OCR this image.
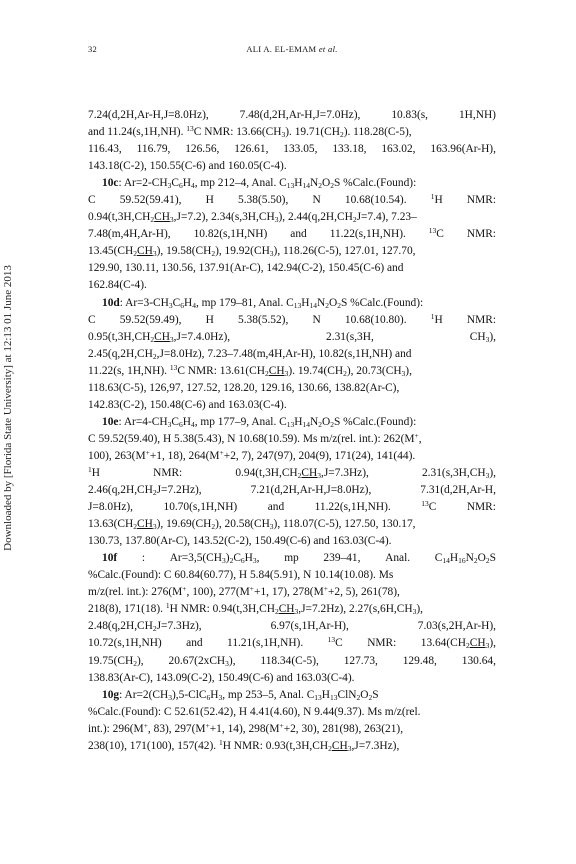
Downloaded by [Florida State University] at 12:13 01 June 2013
32	ALI A. EL-EMAM et al.
7.24(d,2H,Ar-H,J=8.0Hz),	7.48(d,2H,Ar-H,J=7.0Hz),	10.83(s,	1H,NH)
and 11.24(s,1H,NH). $^{13}$C NMR: $13.66(CH_3)$. $19.71(CH_2)$. 118.28(C-5),
116.43, 116.79, 126.56, 126.61, 133.05, 133.18, 163.02, 163.96(Ar-H),
143.18(C-2), 150.55(C-6) and 160.05(C-4).
10c: $Ar=2-CH_3C_6H_4$, mp 212–4, Anal. $C_{13}H_{14}N_2O_2S$ %Calc.(Found):
C 59.52(59.41), H 5.38(5.50), N 10.68(10.54).	$^1$H NMR:
$0.94(t,3H,CH_2CH_3,J=7.2)$, $2.34(s,3H,CH_3)$, $2.44(q,2H,CH_2J=7.4)$, 7.23–
7.48(m,4H,Ar-H), 10.82(s,1H,NH) and 11.22(s,1H,NH).	$^{13}$C NMR:
$13.45(CH_2CH_3)$, $19.58(CH_2)$, $19.92(CH_3)$, 118.26(C-5), 127.01, 127.70,
129.90, 130.11, 130.56, 137.91(Ar-C), 142.94(C-2), 150.45(C-6) and
162.84(C-4).
10d: $Ar=3-CH_3C_6H_4$, mp 179–81, Anal. $C_{13}H_{14}N_2O_2S$ %Calc.(Found):
C 59.52(59.49), H 5.38(5.52), N 10.68(10.80).	$^1$H NMR:
$0.95(t,3H,CH_2CH_3,J=7.4.0Hz)$,	2.31(s,3H,	$CH_3$),
$2.45(q,2H,CH_2,J=8.0Hz)$, 7.23–7.48(m,4H,Ar-H), 10.82(s,1H,NH) and
11.22(s, 1H,NH). $^{13}$C NMR: $13.61(CH_2CH_3)$. $19.74(CH_2)$, $20.73(CH_3)$,
118.63(C-5), 126,97, 127.52, 128.20, 129.16, 130.66, 138.82(Ar-C),
142.83(C-2), 150.48(C-6) and 163.03(C-4).
10e: $Ar=4-CH_3C_6H_4$, mp 177–9, Anal. $C_{13}H_{14}N_2O_2S$ %Calc.(Found):
C 59.52(59.40), H 5.38(5.43), N 10.68(10.59). Ms m/z(rel. int.): 262(M+,
100), 263(M++1, 18), 264(M++2, 7), 247(97), 204(9), 171(24), 141(44).
$^1$H	NMR:	$0.94(t,3H,CH_2CH_3,J=7.3Hz)$,	$2.31(s,3H,CH_3)$,
$2.46(q,2H,CH_2J=7.2Hz)$,	7.21(d,2H,Ar-H,J=8.0Hz),	7.31(d,2H,Ar-H,
J=8.0Hz),	10.70(s,1H,NH)	and	11.22(s,1H,NH).	$^{13}$C	NMR:
$13.63(CH_2CH_3)$, $19.69(CH_2)$, $20.58(CH_3)$, 118.07(C-5), 127.50, 130.17,
130.73, 137.80(Ar-C), 143.52(C-2), 150.49(C-6) and 163.03(C-4).
10f : $Ar=3,5(CH_3)_2C_6H_3$, mp 239–41, Anal. $C_{14}H_{16}N_2O_2S$
%Calc.(Found): C 60.84(60.77), H 5.84(5.91), N 10.14(10.08). Ms
m/z(rel. int.): 276(M+, 100), 277(M++1, 17), 278(M++2, 5), 261(78),
218(8), 171(18). $^1$H NMR: $0.94(t,3H,CH_2CH_3,J=7.2Hz)$, $2.27(s,6H,CH_3)$,
$2.48(q,2H,CH_2J=7.3Hz)$,	6.97(s,1H,Ar-H),	7.03(s,2H,Ar-H),
10.72(s,1H,NH) and 11.21(s,1H,NH).	$^{13}$C NMR: $13.64(CH_2CH_3)$,
$19.75(CH_2)$, 20.67(2xCH$_3$), 118.34(C-5), 127.73, 129.48, 130.64,
138.83(Ar-C), 143.09(C-2), 150.49(C-6) and 163.03(C-4).
10g: $Ar=2(CH_3),5-ClC_6H_3$, mp 253–5, Anal. $C_{13}H_{13}ClN_2O_2S$
%Calc.(Found): C 52.61(52.42), H 4.41(4.60), N 9.44(9.37). Ms m/z(rel.
int.): 296(M+, 83), 297(M++1, 14), 298(M++2, 30), 281(98), 263(21),
238(10), 171(100), 157(42). $^1$H NMR: $0.93(t,3H,CH_2CH_3,J=7.3Hz)$,
